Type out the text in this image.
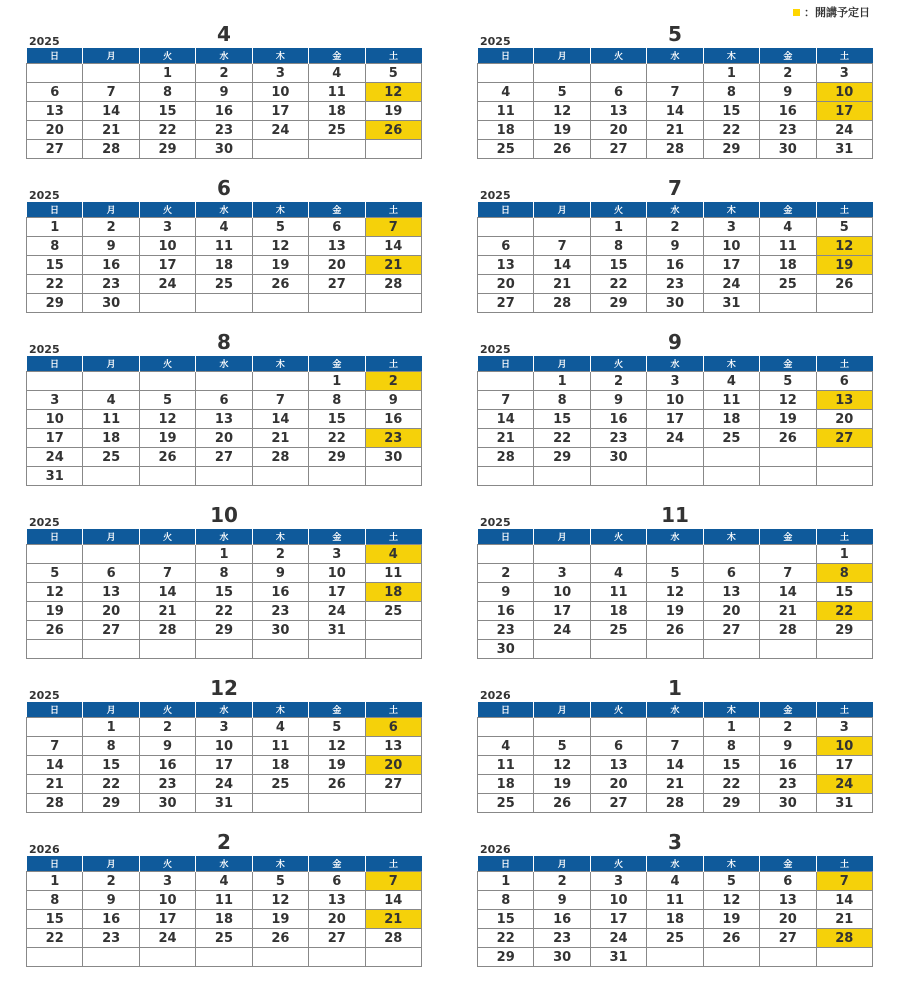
：開講予定日
2025	4
日	月	火	水	木	金	土
		1	2	3	4	5
6	7	8	9	10	11	12
13	14	15	16	17	18	19
20	21	22	23	24	25	26
27	28	29	30			
2025	5
日	月	火	水	木	金	土
				1	2	3
4	5	6	7	8	9	10
11	12	13	14	15	16	17
18	19	20	21	22	23	24
25	26	27	28	29	30	31
2025	6
日	月	火	水	木	金	土
1	2	3	4	5	6	7
8	9	10	11	12	13	14
15	16	17	18	19	20	21
22	23	24	25	26	27	28
29	30					
2025	7
日	月	火	水	木	金	土
		1	2	3	4	5
6	7	8	9	10	11	12
13	14	15	16	17	18	19
20	21	22	23	24	25	26
27	28	29	30	31		
2025	8
日	月	火	水	木	金	土
					1	2
3	4	5	6	7	8	9
10	11	12	13	14	15	16
17	18	19	20	21	22	23
24	25	26	27	28	29	30
31						
2025	9
日	月	火	水	木	金	土
	1	2	3	4	5	6
7	8	9	10	11	12	13
14	15	16	17	18	19	20
21	22	23	24	25	26	27
28	29	30				

2025	10
日	月	火	水	木	金	土
			1	2	3	4
5	6	7	8	9	10	11
12	13	14	15	16	17	18
19	20	21	22	23	24	25
26	27	28	29	30	31	

2025	11
日	月	火	水	木	金	土
						1
2	3	4	5	6	7	8
9	10	11	12	13	14	15
16	17	18	19	20	21	22
23	24	25	26	27	28	29
30						
2025	12
日	月	火	水	木	金	土
	1	2	3	4	5	6
7	8	9	10	11	12	13
14	15	16	17	18	19	20
21	22	23	24	25	26	27
28	29	30	31			
2026	1
日	月	火	水	木	金	土
				1	2	3
4	5	6	7	8	9	10
11	12	13	14	15	16	17
18	19	20	21	22	23	24
25	26	27	28	29	30	31
2026	2
日	月	火	水	木	金	土
1	2	3	4	5	6	7
8	9	10	11	12	13	14
15	16	17	18	19	20	21
22	23	24	25	26	27	28

2026	3
日	月	火	水	木	金	土
1	2	3	4	5	6	7
8	9	10	11	12	13	14
15	16	17	18	19	20	21
22	23	24	25	26	27	28
29	30	31				
